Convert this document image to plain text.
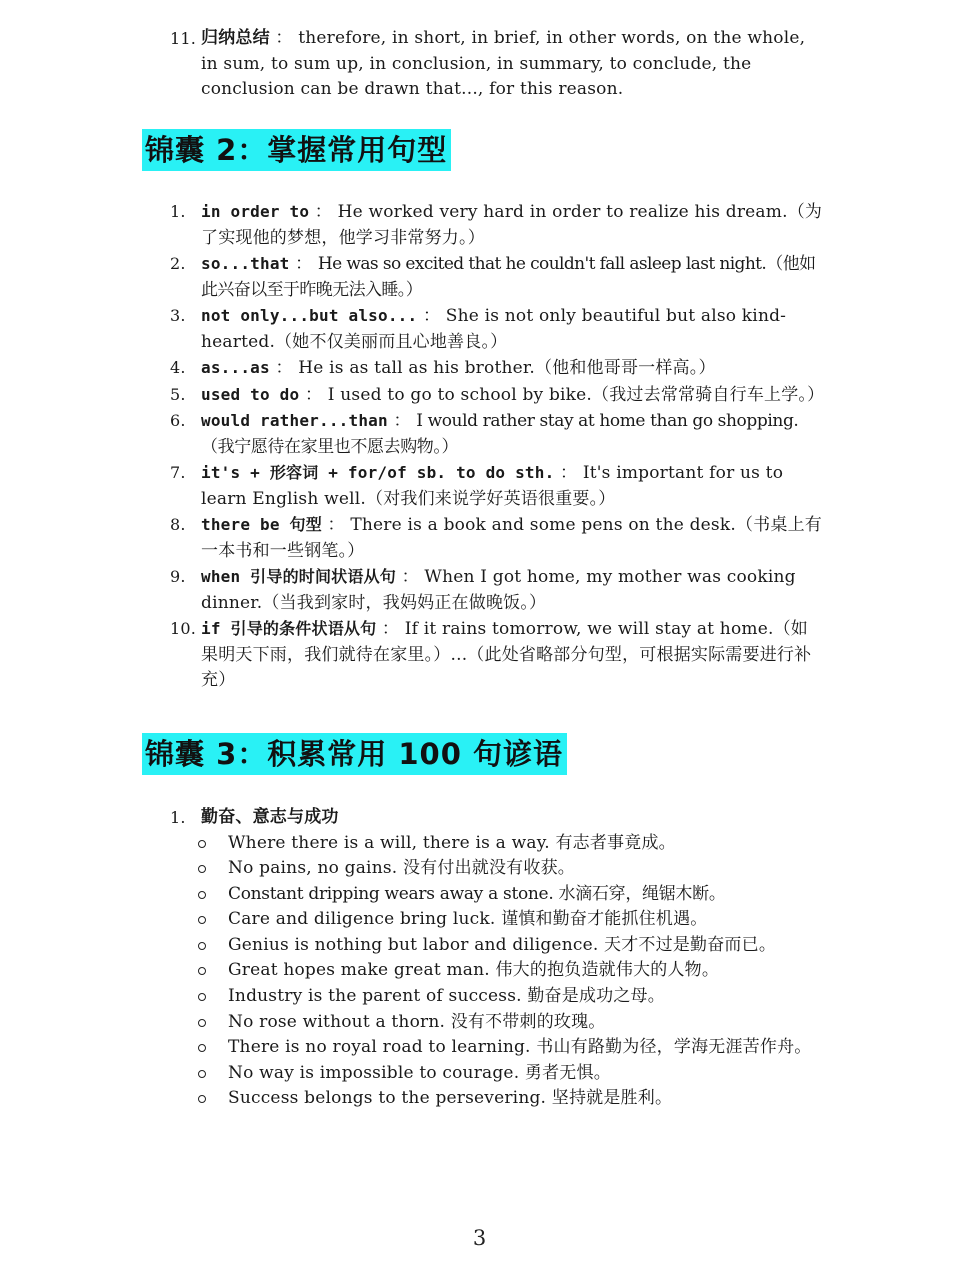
11. 归纳总结 ： therefore, in short, in brief, in other words, on the whole, in sum, to sum up, in conclusion, in summary, to conclude, the conclusion can be drawn that..., for this reason.
锦囊 2：掌握常用句型
1. in order to ： He worked very hard in order to realize his dream.（为了实现他的梦想，他学习非常努力。）
2. so...that ： He was so excited that he couldn't fall asleep last night.（他如此兴奋以至于昨晚无法入睡。）
3. not only...but also... ： She is not only beautiful but also kind-hearted.（她不仅美丽而且心地善良。）
4. as...as ： He is as tall as his brother.（他和他哥哥一样高。）
5. used to do ： I used to go to school by bike.（我过去常常骑自行车上学。）
6. would rather...than ： I would rather stay at home than go shopping.（我宁愿待在家里也不愿去购物。）
7. it's + 形容词 + for/of sb. to do sth. ： It's important for us to learn English well.（对我们来说学好英语很重要。）
8. there be 句型 ： There is a book and some pens on the desk.（书桌上有一本书和一些钢笔。）
9. when 引导的时间状语从句 ： When I got home, my mother was cooking dinner.（当我到家时，我妈妈正在做晚饭。）
10. if 引导的条件状语从句 ： If it rains tomorrow, we will stay at home.（如果明天下雨，我们就待在家里。）...（此处省略部分句型，可根据实际需要进行补充）
锦囊 3：积累常用 100 句谚语
1. 勤奋、意志与成功
Where there is a will, there is a way. 有志者事竟成。
No pains, no gains. 没有付出就没有收获。
Constant dripping wears away a stone. 水滴石穿，绳锯木断。
Care and diligence bring luck. 谨慎和勤奋才能抓住机遇。
Genius is nothing but labor and diligence. 天才不过是勤奋而已。
Great hopes make great man. 伟大的抱负造就伟大的人物。
Industry is the parent of success. 勤奋是成功之母。
No rose without a thorn. 没有不带刺的玫瑰。
There is no royal road to learning. 书山有路勤为径，学海无涯苦作舟。
No way is impossible to courage. 勇者无惧。
Success belongs to the persevering. 坚持就是胜利。
3
